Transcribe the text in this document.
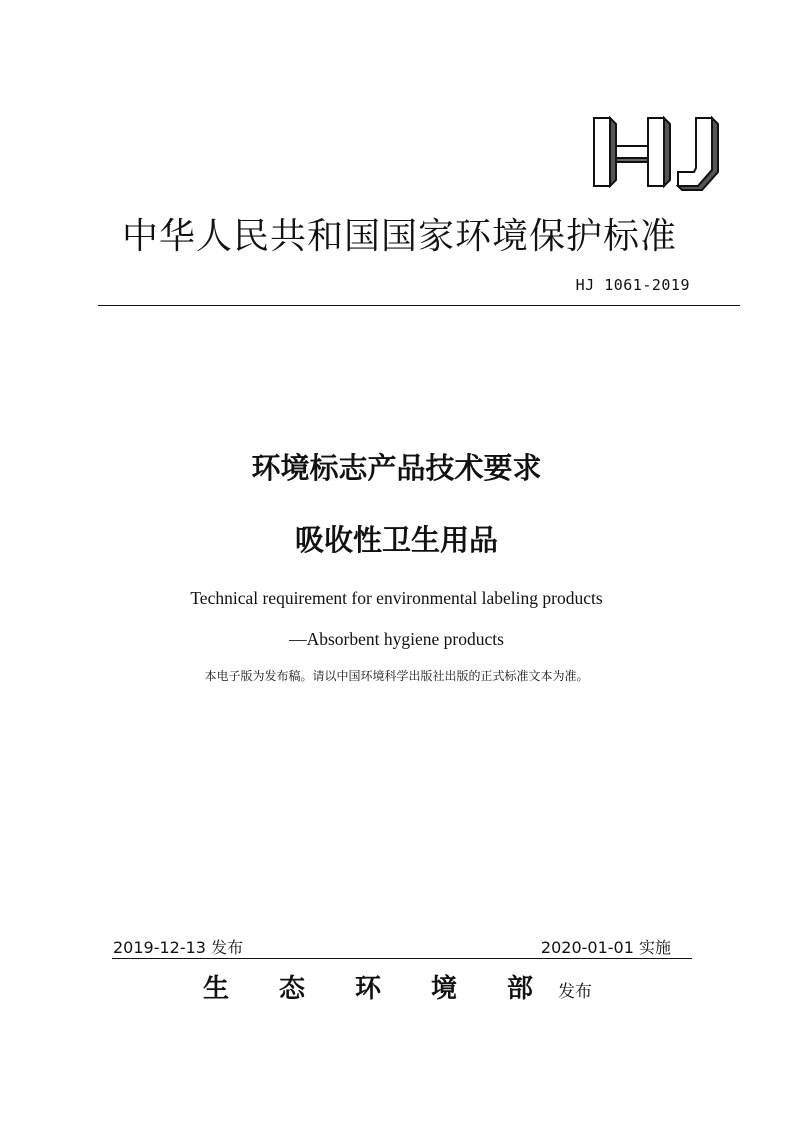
HJ
中华人民共和国国家环境保护标准
HJ 1061-2019
环境标志产品技术要求
吸收性卫生用品
Technical requirement for environmental labeling products
—Absorbent hygiene products
本电子版为发布稿。请以中国环境科学出版社出版的正式标准文本为准。
2019-12-13 发布	2020-01-01 实施
生 态 环 境 部 发布
